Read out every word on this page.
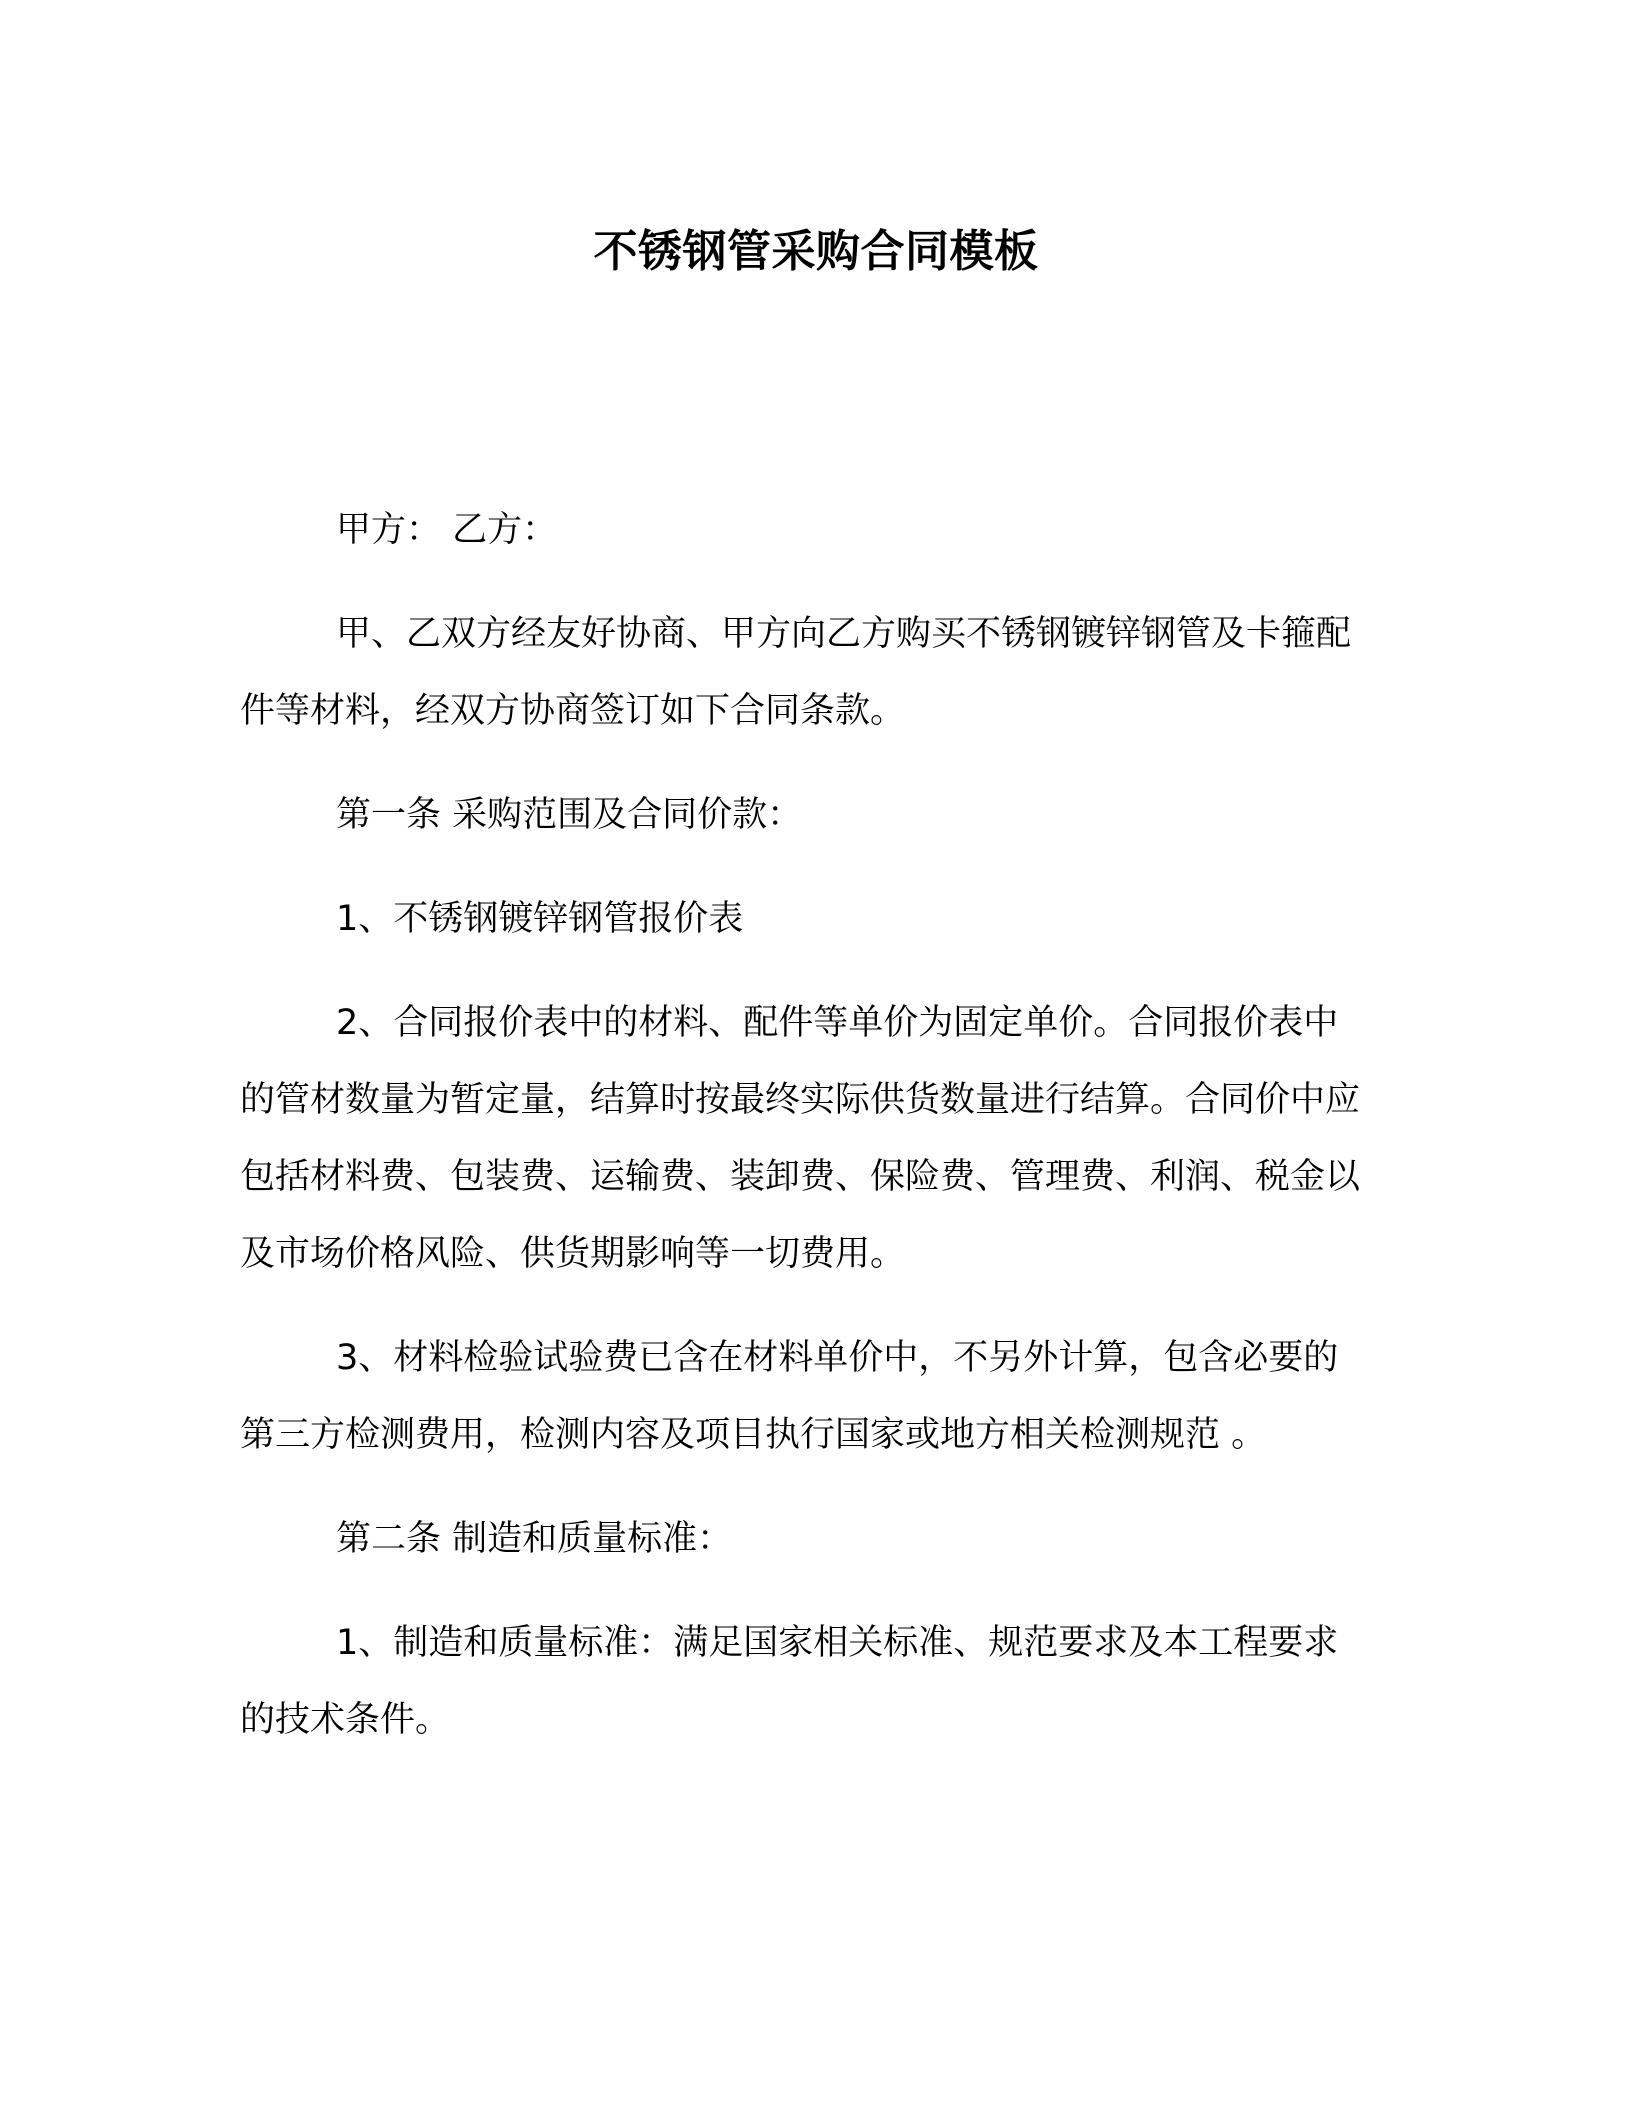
不锈钢管采购合同模板

甲方： 乙方：

甲、乙双方经友好协商、甲方向乙方购买不锈钢镀锌钢管及卡箍配件等材料，经双方协商签订如下合同条款。

第一条 采购范围及合同价款：

1、不锈钢镀锌钢管报价表

2、合同报价表中的材料、配件等单价为固定单价。合同报价表中的管材数量为暂定量，结算时按最终实际供货数量进行结算。合同价中应包括材料费、包装费、运输费、装卸费、保险费、管理费、利润、税金以及市场价格风险、供货期影响等一切费用。

3、材料检验试验费已含在材料单价中，不另外计算，包含必要的第三方检测费用，检测内容及项目执行国家或地方相关检测规范 。

第二条 制造和质量标准：

1、制造和质量标准：满足国家相关标准、规范要求及本工程要求的技术条件。
